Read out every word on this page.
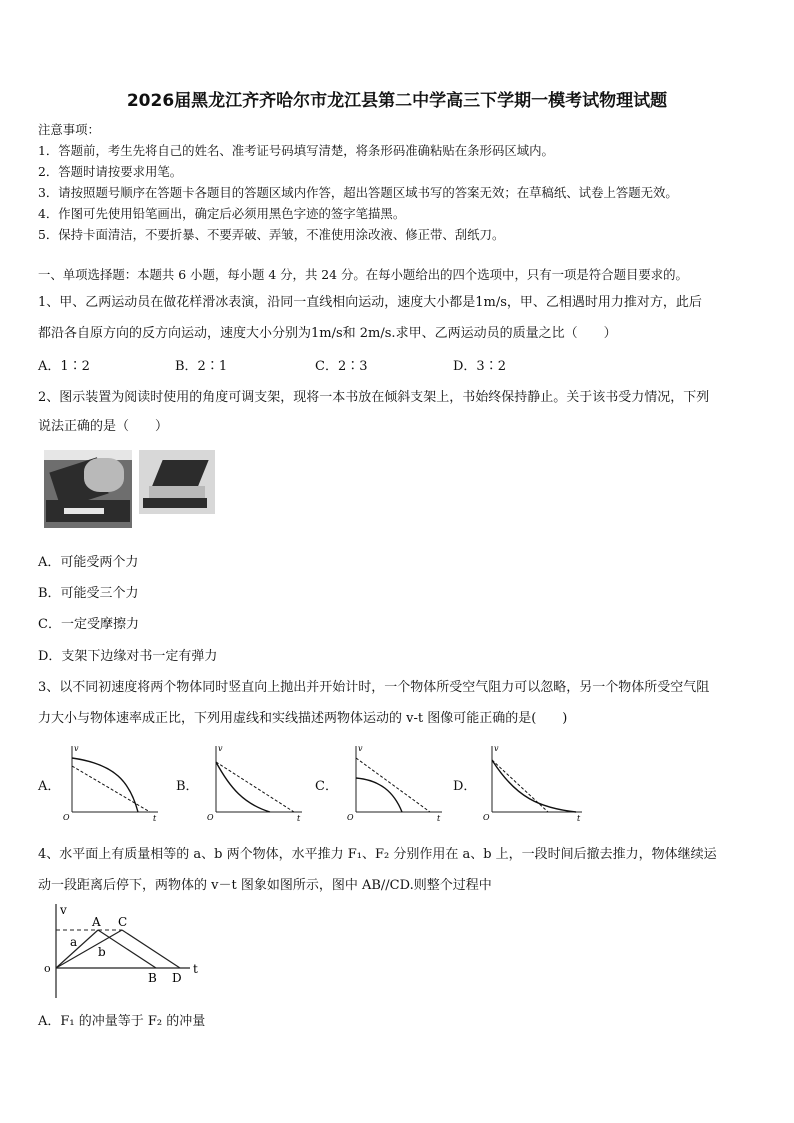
2026届黑龙江齐齐哈尔市龙江县第二中学高三下学期一模考试物理试题
注意事项：
1．答题前，考生先将自己的姓名、准考证号码填写清楚，将条形码准确粘贴在条形码区域内。
2．答题时请按要求用笔。
3．请按照题号顺序在答题卡各题目的答题区域内作答，超出答题区域书写的答案无效；在草稿纸、试卷上答题无效。
4．作图可先使用铅笔画出，确定后必须用黑色字迹的签字笔描黑。
5．保持卡面清洁，不要折暴、不要弄破、弄皱，不准使用涂改液、修正带、刮纸刀。
一、单项选择题：本题共 6 小题，每小题 4 分，共 24 分。在每小题给出的四个选项中，只有一项是符合题目要求的。
1、甲、乙两运动员在做花样滑冰表演，沿同一直线相向运动，速度大小都是1m/s，甲、乙相遇时用力推对方，此后
都沿各自原方向的反方向运动，速度大小分别为1m/s和 2m/s.求甲、乙两运动员的质量之比（　　）
A．1∶2	B．2∶1	C．2∶3	D．3∶2
2、图示装置为阅读时使用的角度可调支架，现将一本书放在倾斜支架上，书始终保持静止。关于该书受力情况，下列
说法正确的是（　　）
A．可能受两个力
B．可能受三个力
C．一定受摩擦力
D．支架下边缘对书一定有弹力
3、以不同初速度将两个物体同时竖直向上抛出并开始计时，一个物体所受空气阻力可以忽略，另一个物体所受空气阻
力大小与物体速率成正比，下列用虚线和实线描述两物体运动的 v-t 图像可能正确的是(　　)
A．
v
O	t
B．
v
O	t
C．
v
O	t
D．
v
O	t
4、水平面上有质量相等的 a、b 两个物体，水平推力 F₁、F₂ 分别作用在 a、b 上，一段时间后撤去推力，物体继续运
动一段距离后停下，两物体的 v－t 图象如图所示，图中 AB//CD.则整个过程中
v
o
A C
a
b
B D
t
A．F₁ 的冲量等于 F₂ 的冲量
